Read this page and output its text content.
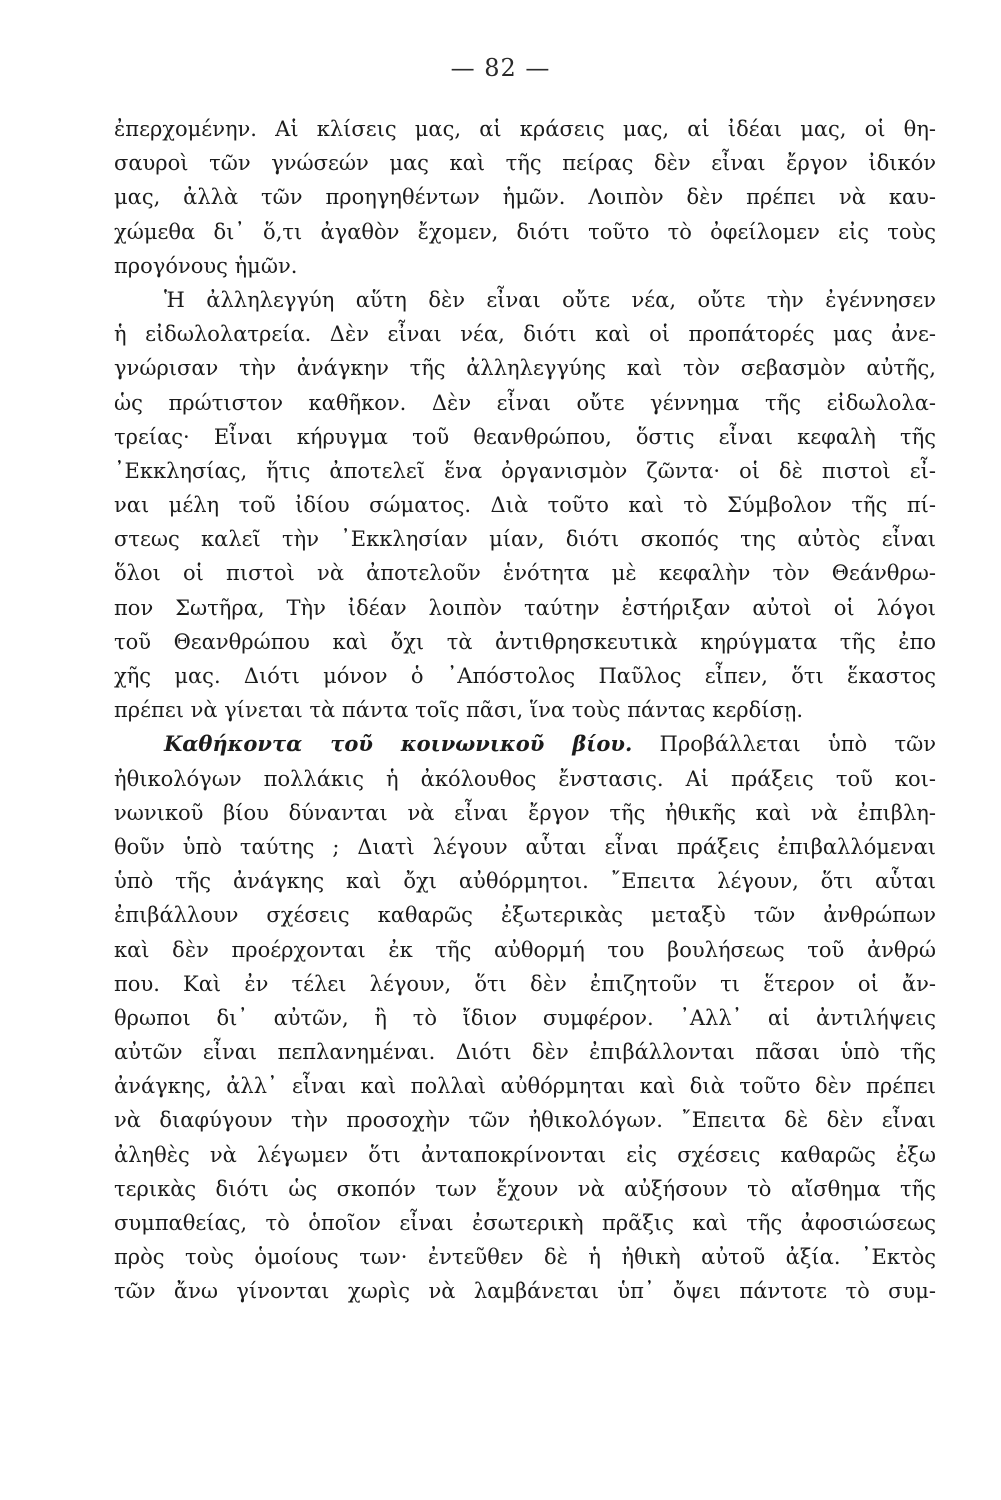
— 82 —
ἐπερχομένην. Αἱ κλίσεις μας, αἱ κράσεις μας, αἱ ἰδέαι μας, οἱ θη-
σαυροὶ τῶν γνώσεών μας καὶ τῆς πείρας δὲν εἶναι ἔργον ἰδικόν
μας, ἀλλὰ τῶν προηγηθέντων ἡμῶν. Λοιπὸν δὲν πρέπει νὰ καυ-
χώμεθα δι᾿ ὅ,τι ἀγαθὸν ἔχομεν, διότι τοῦτο τὸ ὀφείλομεν εἰς τοὺς
προγόνους ἡμῶν.
Ἡ ἀλληλεγγύη αὕτη δὲν εἶναι οὔτε νέα, οὔτε τὴν ἐγέννησεν
ἡ εἰδωλολατρεία. Δὲν εἶναι νέα, διότι καὶ οἱ προπάτορές μας ἀνε-
γνώρισαν τὴν ἀνάγκην τῆς ἀλληλεγγύης καὶ τὸν σεβασμὸν αὐτῆς,
ὡς πρώτιστον καθῆκον. Δὲν εἶναι οὔτε γέννημα τῆς εἰδωλολα-
τρείας· Εἶναι κήρυγμα τοῦ θεανθρώπου, ὅστις εἶναι κεφαλὴ τῆς
᾿Εκκλησίας, ἥτις ἀποτελεῖ ἕνα ὀργανισμὸν ζῶντα· οἱ δὲ πιστοὶ εἶ-
ναι μέλη τοῦ ἰδίου σώματος. Διὰ τοῦτο καὶ τὸ Σύμβολον τῆς πί-
στεως καλεῖ τὴν ᾿Εκκλησίαν μίαν, διότι σκοπός της αὐτὸς εἶναι
ὅλοι οἱ πιστοὶ νὰ ἀποτελοῦν ἑνότητα μὲ κεφαλὴν τὸν Θεάνθρω-
πον Σωτῆρα, Τὴν ἰδέαν λοιπὸν ταύτην ἐστήριξαν αὐτοὶ οἱ λόγοι
τοῦ Θεανθρώπου καὶ ὄχι τὰ ἀντιθρησκευτικὰ κηρύγματα τῆς ἐπο
χῆς μας. Διότι μόνον ὁ ᾿Απόστολος Παῦλος εἶπεν, ὅτι ἕκαστος
πρέπει νὰ γίνεται τὰ πάντα τοῖς πᾶσι, ἵνα τοὺς πάντας κερδίσῃ.
Καθήκοντα τοῦ κοινωνικοῦ βίου. Προβάλλεται ὑπὸ τῶν
ἠθικολόγων πολλάκις ἡ ἀκόλουθος ἔνστασις. Αἱ πράξεις τοῦ κοι-
νωνικοῦ βίου δύνανται νὰ εἶναι ἔργον τῆς ἠθικῆς καὶ νὰ ἐπιβλη-
θοῦν ὑπὸ ταύτης ; Διατὶ λέγουν αὗται εἶναι πράξεις ἐπιβαλλόμεναι
ὑπὸ τῆς ἀνάγκης καὶ ὄχι αὐθόρμητοι. ῎Επειτα λέγουν, ὅτι αὗται
ἐπιβάλλουν σχέσεις καθαρῶς ἐξωτερικὰς μεταξὺ τῶν ἀνθρώπων
καὶ δὲν προέρχονται ἐκ τῆς αὐθορμή του βουλήσεως τοῦ ἀνθρώ
που. Καὶ ἐν τέλει λέγουν, ὅτι δὲν ἐπιζητοῦν τι ἕτερον οἱ ἄν-
θρωποι δι᾿ αὐτῶν, ἢ τὸ ἴδιον συμφέρον. ᾿Αλλ᾿ αἱ ἀντιλήψεις
αὐτῶν εἶναι πεπλανημέναι. Διότι δὲν ἐπιβάλλονται πᾶσαι ὑπὸ τῆς
ἀνάγκης, ἀλλ᾿ εἶναι καὶ πολλαὶ αὐθόρμηται καὶ διὰ τοῦτο δὲν πρέπει
νὰ διαφύγουν τὴν προσοχὴν τῶν ἠθικολόγων. ῎Επειτα δὲ δὲν εἶναι
ἀληθὲς νὰ λέγωμεν ὅτι ἀνταποκρίνονται εἰς σχέσεις καθαρῶς ἐξω
τερικὰς διότι ὡς σκοπόν των ἔχουν νὰ αὐξήσουν τὸ αἴσθημα τῆς
συμπαθείας, τὸ ὁποῖον εἶναι ἐσωτερικὴ πρᾶξις καὶ τῆς ἀφοσιώσεως
πρὸς τοὺς ὁμοίους των· ἐντεῦθεν δὲ ἡ ἠθικὴ αὐτοῦ ἀξία. ᾿Εκτὸς
τῶν ἄνω γίνονται χωρὶς νὰ λαμβάνεται ὑπ᾿ ὄψει πάντοτε τὸ συμ-
